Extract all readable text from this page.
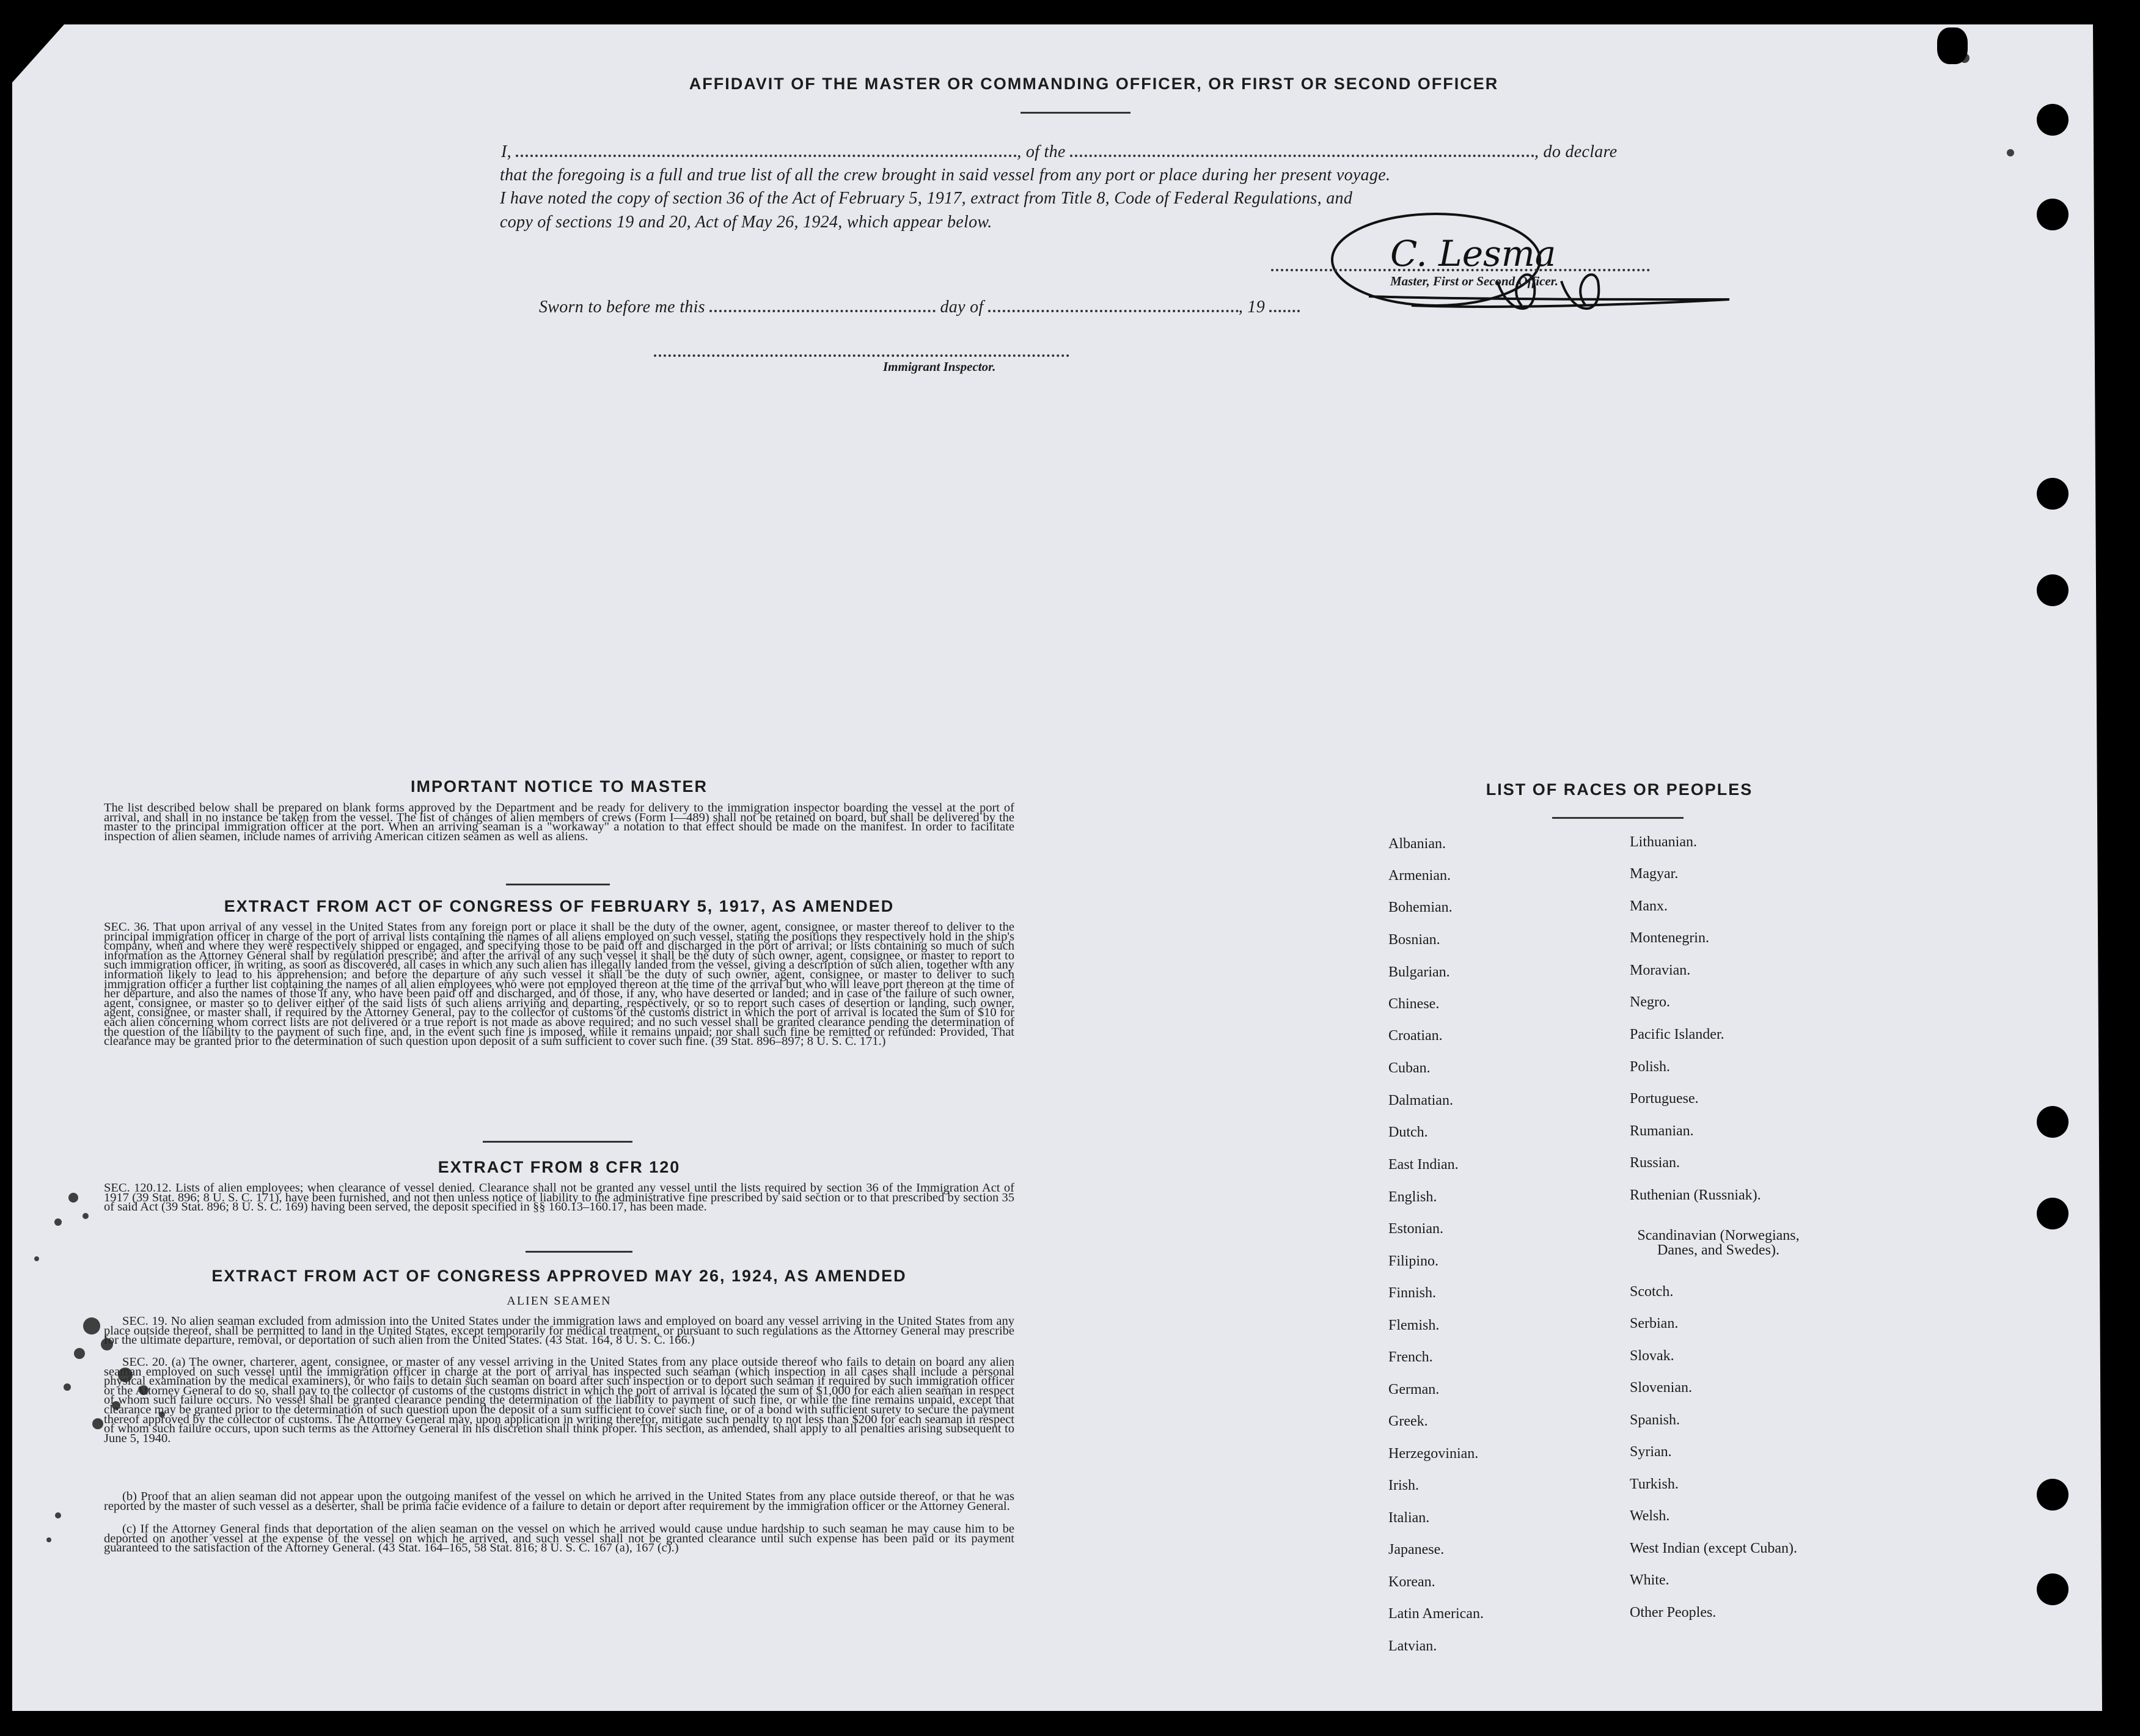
AFFIDAVIT OF THE MASTER OR COMMANDING OFFICER, OR FIRST OR SECOND OFFICER
I,	, of the	, do declare
that the foregoing is a full and true list of all the crew brought in said vessel from any port or place during her present voyage.
I have noted the copy of section 36 of the Act of February 5, 1917, extract from Title 8, Code of Federal Regulations, and
copy of sections 19 and 20, Act of May 26, 1924, which appear below.
C. Lesma
Master, First or Second Officer.
Sworn to before me this	day of	, 19
Immigrant Inspector.
IMPORTANT NOTICE TO MASTER
The list described below shall be prepared on blank forms approved by the Department and be ready for delivery to the immigration inspector boarding the vessel at the port of arrival, and shall in no instance be taken from the vessel. The list of changes of alien members of crews (Form I—489) shall not be retained on board, but shall be delivered by the master to the principal immigration officer at the port. When an arriving seaman is a "workaway" a notation to that effect should be made on the manifest. In order to facilitate inspection of alien seamen, include names of arriving American citizen seamen as well as aliens.
EXTRACT FROM ACT OF CONGRESS OF FEBRUARY 5, 1917, AS AMENDED
SEC. 36. That upon arrival of any vessel in the United States from any foreign port or place it shall be the duty of the owner, agent, consignee, or master thereof to deliver to the principal immigration officer in charge of the port of arrival lists containing the names of all aliens employed on such vessel, stating the positions they respectively hold in the ship's company, when and where they were respectively shipped or engaged, and specifying those to be paid off and discharged in the port of arrival; or lists containing so much of such information as the Attorney General shall by regulation prescribe; and after the arrival of any such vessel it shall be the duty of such owner, agent, consignee, or master to report to such immigration officer, in writing, as soon as discovered, all cases in which any such alien has illegally landed from the vessel, giving a description of such alien, together with any information likely to lead to his apprehension; and before the departure of any such vessel it shall be the duty of such owner, agent, consignee, or master to deliver to such immigration officer a further list containing the names of all alien employees who were not employed thereon at the time of the arrival but who will leave port thereon at the time of her departure, and also the names of those if any, who have been paid off and discharged, and of those, if any, who have deserted or landed; and in case of the failure of such owner, agent, consignee, or master so to deliver either of the said lists of such aliens arriving and departing, respectively, or so to report such cases of desertion or landing, such owner, agent, consignee, or master shall, if required by the Attorney General, pay to the collector of customs of the customs district in which the port of arrival is located the sum of $10 for each alien concerning whom correct lists are not delivered or a true report is not made as above required; and no such vessel shall be granted clearance pending the determination of the question of the liability to the payment of such fine, and, in the event such fine is imposed, while it remains unpaid; nor shall such fine be remitted or refunded: Provided, That clearance may be granted prior to the determination of such question upon deposit of a sum sufficient to cover such fine. (39 Stat. 896–897; 8 U. S. C. 171.)
EXTRACT FROM 8 CFR 120
SEC. 120.12. Lists of alien employees; when clearance of vessel denied. Clearance shall not be granted any vessel until the lists required by section 36 of the Immigration Act of 1917 (39 Stat. 896; 8 U. S. C. 171), have been furnished, and not then unless notice of liability to the administrative fine prescribed by said section or to that prescribed by section 35 of said Act (39 Stat. 896; 8 U. S. C. 169) having been served, the deposit specified in §§ 160.13–160.17, has been made.
EXTRACT FROM ACT OF CONGRESS APPROVED MAY 26, 1924, AS AMENDED
ALIEN SEAMEN
SEC. 19. No alien seaman excluded from admission into the United States under the immigration laws and employed on board any vessel arriving in the United States from any place outside thereof, shall be permitted to land in the United States, except temporarily for medical treatment, or pursuant to such regulations as the Attorney General may prescribe for the ultimate departure, removal, or deportation of such alien from the United States. (43 Stat. 164, 8 U. S. C. 166.)
SEC. 20. (a) The owner, charterer, agent, consignee, or master of any vessel arriving in the United States from any place outside thereof who fails to detain on board any alien seaman employed on such vessel until the immigration officer in charge at the port of arrival has inspected such seaman (which inspection in all cases shall include a personal physical examination by the medical examiners), or who fails to detain such seaman on board after such inspection or to deport such seaman if required by such immigration officer or the Attorney General to do so, shall pay to the collector of customs of the customs district in which the port of arrival is located the sum of $1,000 for each alien seaman in respect of whom such failure occurs. No vessel shall be granted clearance pending the determination of the liability to payment of such fine, or while the fine remains unpaid, except that clearance may be granted prior to the determination of such question upon the deposit of a sum sufficient to cover such fine, or of a bond with sufficient surety to secure the payment thereof approved by the collector of customs. The Attorney General may, upon application in writing therefor, mitigate such penalty to not less than $200 for each seaman in respect of whom such failure occurs, upon such terms as the Attorney General in his discretion shall think proper. This section, as amended, shall apply to all penalties arising subsequent to June 5, 1940.
(b) Proof that an alien seaman did not appear upon the outgoing manifest of the vessel on which he arrived in the United States from any place outside thereof, or that he was reported by the master of such vessel as a deserter, shall be prima facie evidence of a failure to detain or deport after requirement by the immigration officer or the Attorney General.
(c) If the Attorney General finds that deportation of the alien seaman on the vessel on which he arrived would cause undue hardship to such seaman he may cause him to be deported on another vessel at the expense of the vessel on which he arrived, and such vessel shall not be granted clearance until such expense has been paid or its payment guaranteed to the satisfaction of the Attorney General. (43 Stat. 164–165, 58 Stat. 816; 8 U. S. C. 167 (a), 167 (c).)
LIST OF RACES OR PEOPLES
Albanian.
Armenian.
Bohemian.
Bosnian.
Bulgarian.
Chinese.
Croatian.
Cuban.
Dalmatian.
Dutch.
East Indian.
English.
Estonian.
Filipino.
Finnish.
Flemish.
French.
German.
Greek.
Herzegovinian.
Irish.
Italian.
Japanese.
Korean.
Latin American.
Latvian.
Lithuanian.
Magyar.
Manx.
Montenegrin.
Moravian.
Negro.
Pacific Islander.
Polish.
Portuguese.
Rumanian.
Russian.
Ruthenian (Russniak).
Scandinavian (Norwegians, Danes, and Swedes).
Scotch.
Serbian.
Slovak.
Slovenian.
Spanish.
Syrian.
Turkish.
Welsh.
West Indian (except Cuban).
White.
Other Peoples.
